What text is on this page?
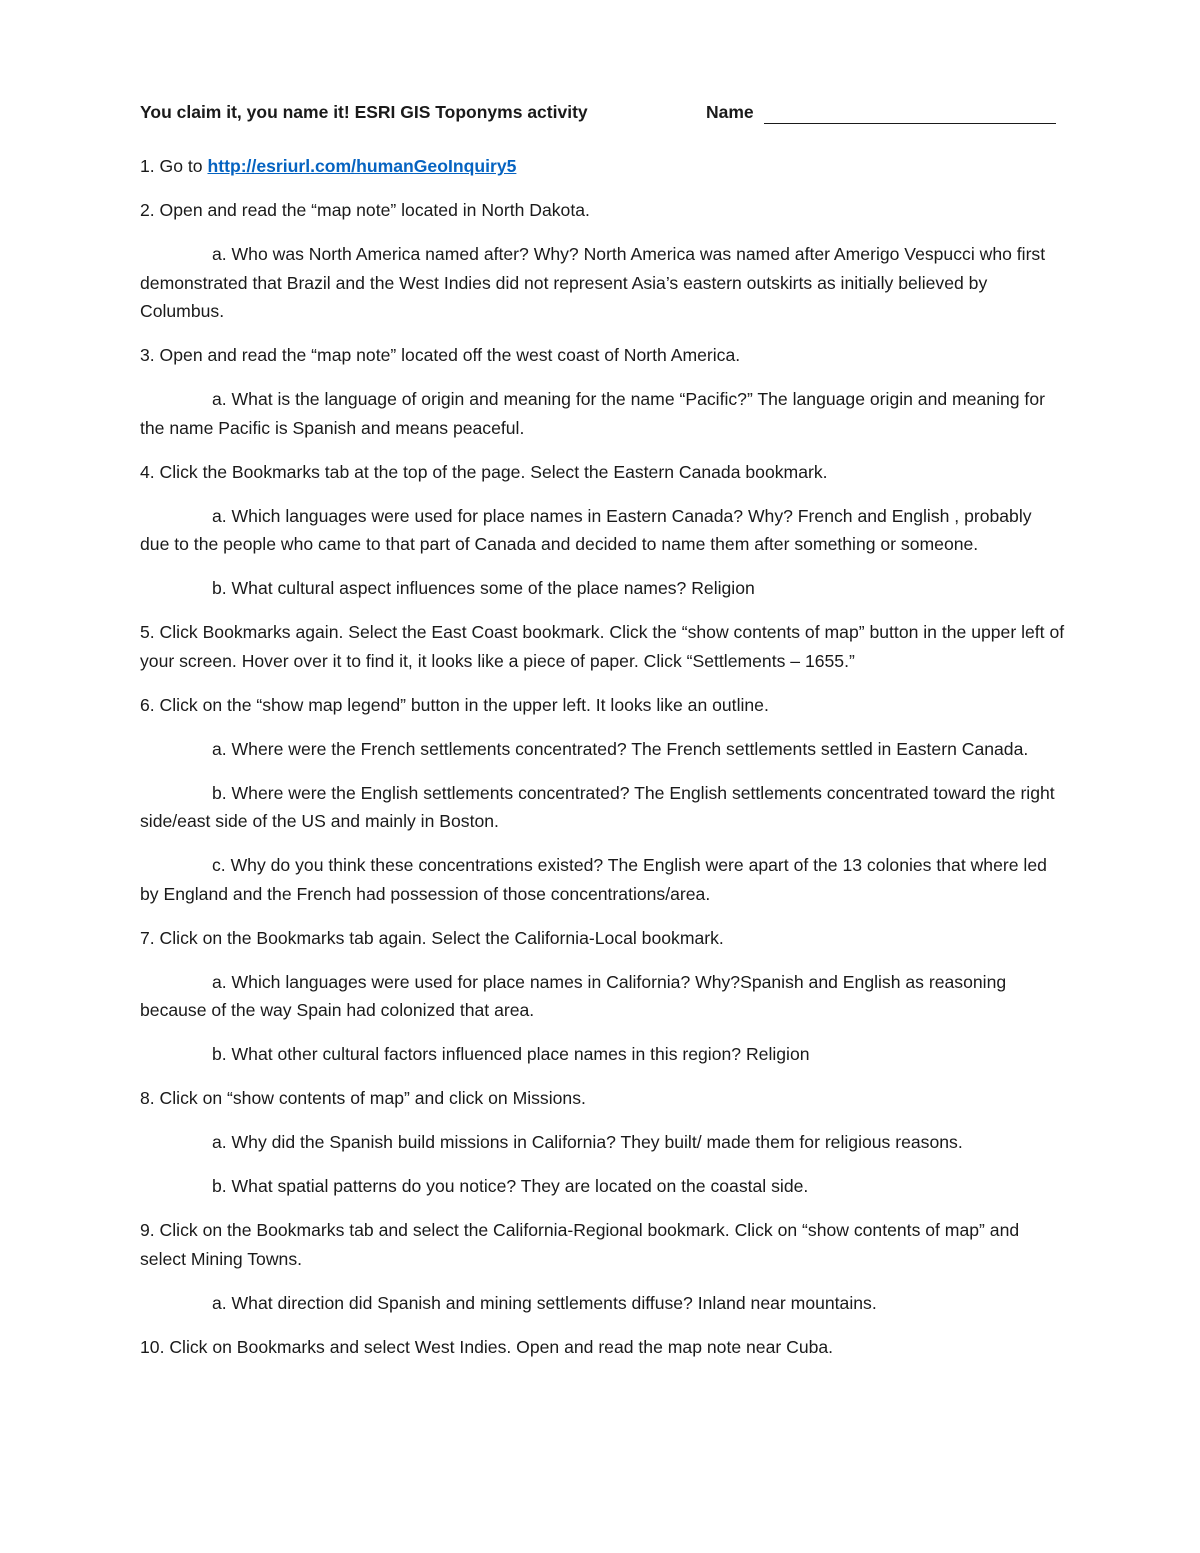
You claim it, you name it! ESRI GIS Toponyms activity	Name

1. Go to http://esriurl.com/humanGeoInquiry5

2. Open and read the “map note” located in North Dakota.

a. Who was North America named after? Why? North America was named after Amerigo Vespucci who first demonstrated that Brazil and the West Indies did not represent Asia’s eastern outskirts as initially believed by Columbus.

3. Open and read the “map note” located off the west coast of North America.

a. What is the language of origin and meaning for the name “Pacific?” The language origin and meaning for the name Pacific is Spanish and means peaceful.

4. Click the Bookmarks tab at the top of the page. Select the Eastern Canada bookmark.

a. Which languages were used for place names in Eastern Canada? Why? French and English , probably due to the people who came to that part of Canada and decided to name them after something or someone.

b. What cultural aspect influences some of the place names? Religion

5. Click Bookmarks again. Select the East Coast bookmark. Click the “show contents of map” button in the upper left of your screen. Hover over it to find it, it looks like a piece of paper. Click “Settlements – 1655.”

6. Click on the “show map legend” button in the upper left. It looks like an outline.

a. Where were the French settlements concentrated? The French settlements settled in Eastern Canada.

b. Where were the English settlements concentrated? The English settlements concentrated toward the right side/east side of the US and mainly in Boston.

c. Why do you think these concentrations existed? The English were apart of the 13 colonies that where led by England and the French had possession of those concentrations/area.

7. Click on the Bookmarks tab again. Select the California-Local bookmark.

a. Which languages were used for place names in California? Why?Spanish and English as reasoning because of the way Spain had colonized that area.

b. What other cultural factors influenced place names in this region? Religion

8. Click on “show contents of map” and click on Missions.

a. Why did the Spanish build missions in California? They built/ made them for religious reasons.

b. What spatial patterns do you notice? They are located on the coastal side.

9. Click on the Bookmarks tab and select the California-Regional bookmark. Click on “show contents of map” and select Mining Towns.

a. What direction did Spanish and mining settlements diffuse? Inland near mountains.

10. Click on Bookmarks and select West Indies. Open and read the map note near Cuba.
